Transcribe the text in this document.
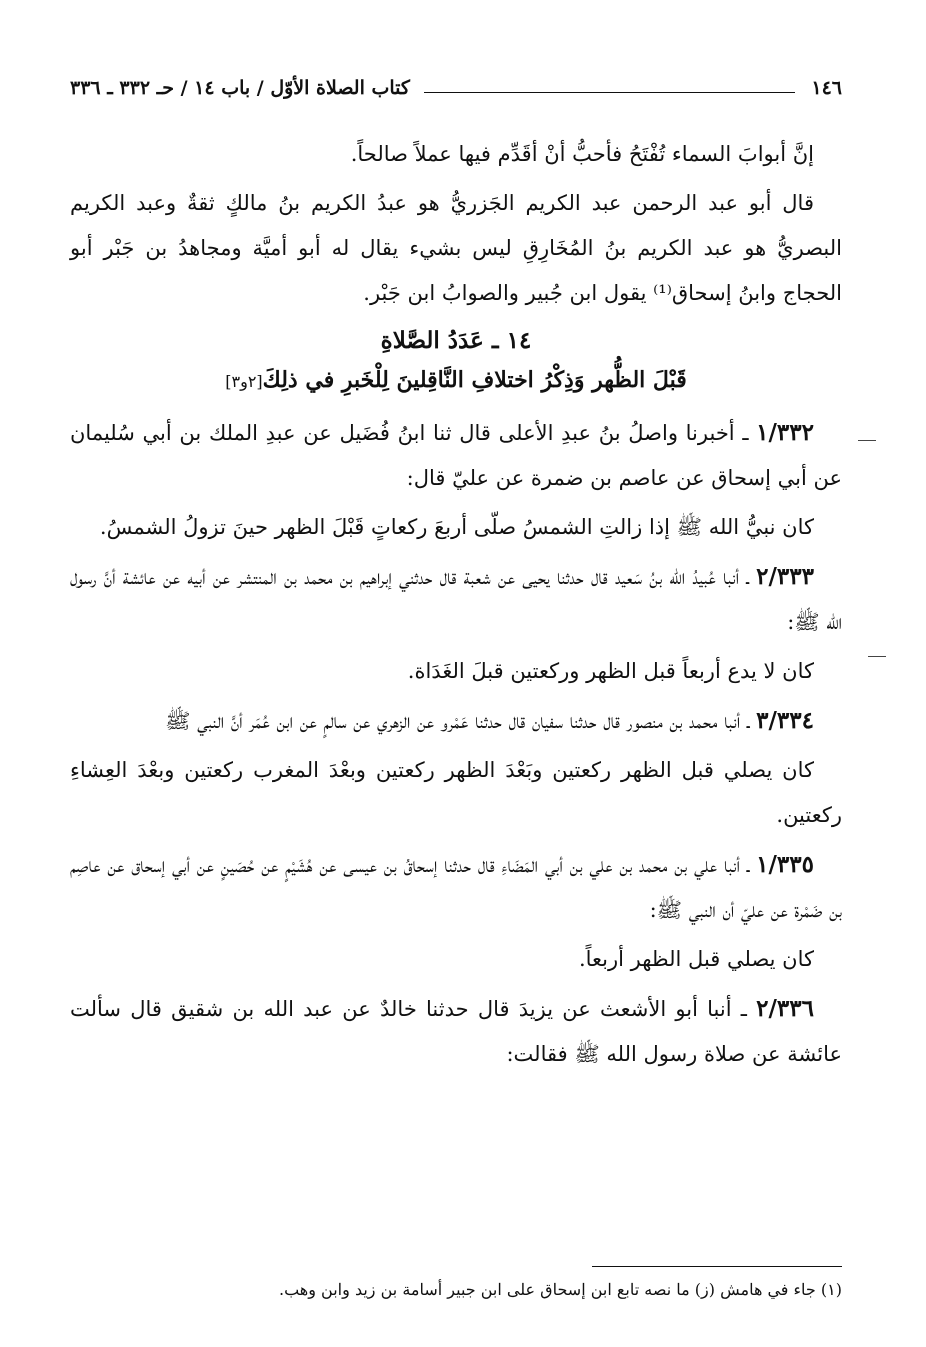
١٤٦
كتاب الصلاة الأوّل / باب ١٤ / حـ ٣٣٢ ـ ٣٣٦

إنَّ أبوابَ السماء تُفْتَحُ فأحبُّ أنْ أقَدِّم فيها عملاً صالحاً.

قال أبو عبد الرحمن عبد الكريم الجَزريُّ هو عبدُ الكريم بنُ مالكٍ ثقةٌ وعبد الكريم البصريُّ هو عبد الكريم بنُ المُخَارِقِ ليس بشيء يقال له أبو أميَّة ومجاهدُ بن جَبْر أبو الحجاج وابنُ إسحاق⁽¹⁾ يقول ابن جُبير والصوابُ ابن جَبْر.

١٤ ـ عَدَدُ الصَّلاةِ
قَبْلَ الظُّهر وَذِكْرُ اختلافِ النَّاقِلينَ لِلْخَبرِ في ذلِكَ[٢و٣]

١/٣٣٢ ـ أخبرنا واصلُ بنُ عبدِ الأعلى قال ثنا ابنُ فُضَيل عن عبدِ الملك بن أبي سُليمان عن أبي إسحاق عن عاصم بن ضمرة عن عليّ قال:

كان نبيُّ الله ﷺ إذا زالتِ الشمسُ صلّى أربعَ ركعاتٍ قَبْلَ الظهر حينَ تزولُ الشمسُ.

٢/٣٣٣ ـ أنبا عُبيدُ الله بنُ سَعيد قال حدثنا يحيى عن شعبة قال حدثني إبراهيم بن محمد بن المنتشر عن أبيه عن عائشة أنَّ رسول الله ﷺ:

كان لا يدع أربعاً قبل الظهر وركعتين قبلَ الغَدَاة.

٣/٣٣٤ ـ أنبا محمد بن منصور قال حدثنا سفيان قال حدثنا عَمْرو عن الزهري عن سالمٍ عن ابن عُمَر أنَّ النبي ﷺ

كان يصلي قبل الظهر ركعتين وبَعْدَ الظهر ركعتين وبعْدَ المغرب ركعتين وبعْدَ العِشاءِ ركعتين.

١/٣٣٥ ـ أنبا علي بن محمد بن علي بن أبي المَضَاءِ قال حدثنا إسحاقُ بن عيسى عن هُشَيْمٍ عن حُصَينٍ عن أبي إسحاق عن عاصِم بن ضَمْرة عن عليّ أن النبي ﷺ:

كان يصلي قبل الظهر أربعاً.

٢/٣٣٦ ـ أنبا أبو الأشعث عن يزيدَ قال حدثنا خالدٌ عن عبد الله بن شقيق قال سألت عائشة عن صلاة رسول الله ﷺ فقالت:

(١) جاء في هامش (ز) ما نصه تابع ابن إسحاق على ابن جبير أسامة بن زيد وابن وهب.
